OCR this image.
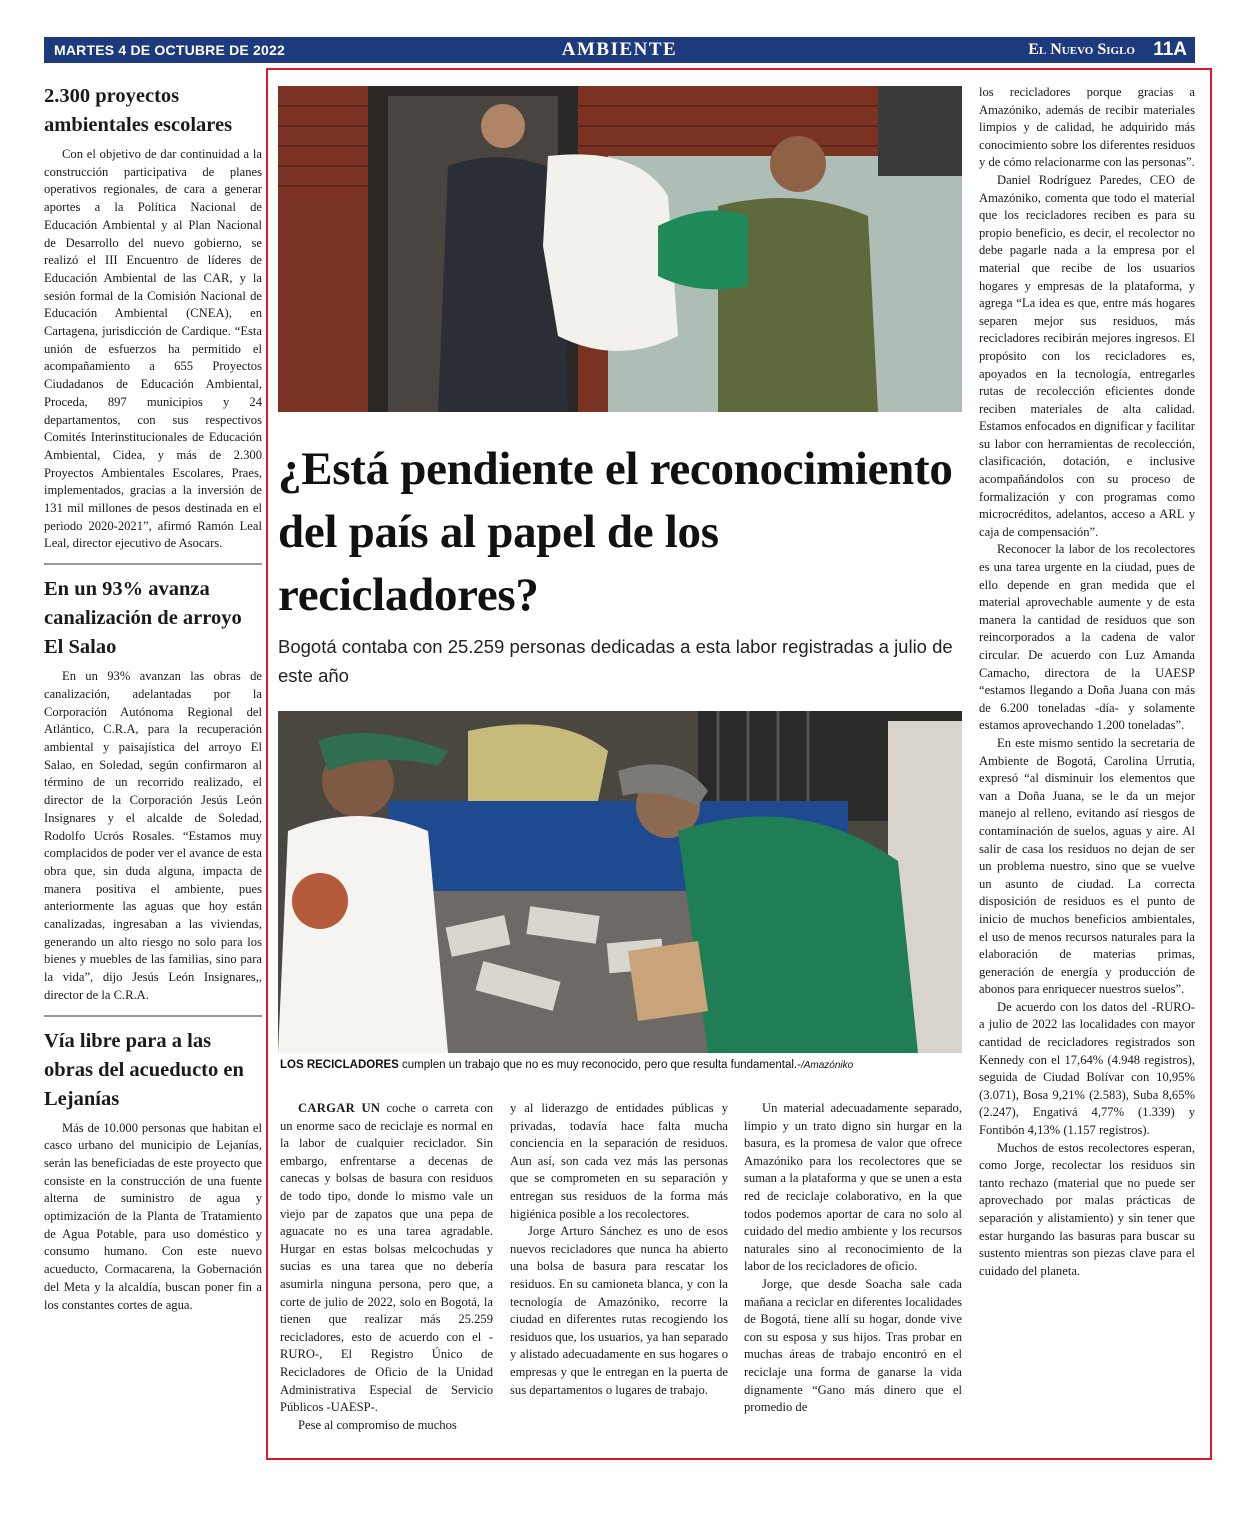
MARTES 4 DE OCTUBRE DE 2022	AMBIENTE	El Nuevo Siglo 11A
2.300 proyectos ambientales escolares

Con el objetivo de dar continuidad a la construcción participativa de planes operativos regionales, de cara a generar aportes a la Política Nacional de Educación Ambiental y al Plan Nacional de Desarrollo del nuevo gobierno, se realizó el III Encuentro de líderes de Educación Ambiental de las CAR, y la sesión formal de la Comisión Nacional de Educación Ambiental (CNEA), en Cartagena, jurisdicción de Cardique. “Esta unión de esfuerzos ha permitido el acompañamiento a 655 Proyectos Ciudadanos de Educación Ambiental, Proceda, 897 municipios y 24 departamentos, con sus respectivos Comités Interinstitucionales de Educación Ambiental, Cidea, y más de 2.300 Proyectos Ambientales Escolares, Praes, implementados, gracias a la inversión de 131 mil millones de pesos destinada en el periodo 2020-2021”, afirmó Ramón Leal Leal, director ejecutivo de Asocars.

En un 93% avanza canalización de arroyo El Salao

En un 93% avanzan las obras de canalización, adelantadas por la Corporación Autónoma Regional del Atlántico, C.R.A, para la recuperación ambiental y paisajística del arroyo El Salao, en Soledad, según confirmaron al término de un recorrido realizado, el director de la Corporación Jesús León Insignares y el alcalde de Soledad, Rodolfo Ucrós Rosales. “Estamos muy complacidos de poder ver el avance de esta obra que, sin duda alguna, impacta de manera positiva el ambiente, pues anteriormente las aguas que hoy están canalizadas, ingresaban a las viviendas, generando un alto riesgo no solo para los bienes y muebles de las familias, sino para la vida”, dijo Jesús León Insignares,, director de la C.R.A.

Vía libre para a las obras del acueducto en Lejanías

Más de 10.000 personas que habitan el casco urbano del municipio de Lejanías, serán las beneficiadas de este proyecto que consiste en la construcción de una fuente alterna de suministro de agua y optimización de la Planta de Tratamiento de Agua Potable, para uso doméstico y consumo humano. Con este nuevo acueducto, Cormacarena, la Gobernación del Meta y la alcaldía, buscan poner fin a los constantes cortes de agua.

¿Está pendiente el reconocimiento del país al papel de los recicladores?

Bogotá contaba con 25.259 personas dedicadas a esta labor registradas a julio de este año

LOS RECICLADORES cumplen un trabajo que no es muy reconocido, pero que resulta fundamental.-/Amazóniko

CARGAR UN coche o carreta con un enorme saco de reciclaje es normal en la labor de cualquier reciclador. Sin embargo, enfrentarse a decenas de canecas y bolsas de basura con residuos de todo tipo, donde lo mismo vale un viejo par de zapatos que una pepa de aguacate no es una tarea agradable. Hurgar en estas bolsas melcochudas y sucias es una tarea que no debería asumirla ninguna persona, pero que, a corte de julio de 2022, solo en Bogotá, la tienen que realizar más 25.259 recicladores, esto de acuerdo con el -RURO-, El Registro Único de Recicladores de Oficio de la Unidad Administrativa Especial de Servicio Públicos -UAESP-.

Pese al compromiso de muchos

y al liderazgo de entidades públicas y privadas, todavía hace falta mucha conciencia en la separación de residuos. Aun así, son cada vez más las personas que se comprometen en su separación y entregan sus residuos de la forma más higiénica posible a los recolectores.

Jorge Arturo Sánchez es uno de esos nuevos recicladores que nunca ha abierto una bolsa de basura para rescatar los residuos. En su camioneta blanca, y con la tecnología de Amazóniko, recorre la ciudad en diferentes rutas recogiendo los residuos que, los usuarios, ya han separado y alistado adecuadamente en sus hogares o empresas y que le entregan en la puerta de sus departamentos o lugares de trabajo.

Un material adecuadamente separado, limpio y un trato digno sin hurgar en la basura, es la promesa de valor que ofrece Amazóniko para los recolectores que se suman a la plataforma y que se unen a esta red de reciclaje colaborativo, en la que todos podemos aportar de cara no solo al cuidado del medio ambiente y los recursos naturales sino al reconocimiento de la labor de los recicladores de oficio.

Jorge, que desde Soacha sale cada mañana a reciclar en diferentes localidades de Bogotá, tiene allí su hogar, donde vive con su esposa y sus hijos. Tras probar en muchas áreas de trabajo encontró en el reciclaje una forma de ganarse la vida dignamente “Gano más dinero que el promedio de

los recicladores porque gracias a Amazóniko, además de recibir materiales limpios y de calidad, he adquirido más conocimiento sobre los diferentes residuos y de cómo relacionarme con las personas”.

Daniel Rodríguez Paredes, CEO de Amazóniko, comenta que todo el material que los recicladores reciben es para su propio beneficio, es decir, el recolector no debe pagarle nada a la empresa por el material que recibe de los usuarios hogares y empresas de la plataforma, y agrega “La idea es que, entre más hogares separen mejor sus residuos, más recicladores recibirán mejores ingresos. El propósito con los recicladores es, apoyados en la tecnología, entregarles rutas de recolección eficientes donde reciben materiales de alta calidad. Estamos enfocados en dignificar y facilitar su labor con herramientas de recolección, clasificación, dotación, e inclusive acompañándolos con su proceso de formalización y con programas como microcréditos, adelantos, acceso a ARL y caja de compensación”.

Reconocer la labor de los recolectores es una tarea urgente en la ciudad, pues de ello depende en gran medida que el material aprovechable aumente y de esta manera la cantidad de residuos que son reincorporados a la cadena de valor circular. De acuerdo con Luz Amanda Camacho, directora de la UAESP “estamos llegando a Doña Juana con más de 6.200 toneladas -día- y solamente estamos aprovechando 1.200 toneladas”.

En este mismo sentido la secretaria de Ambiente de Bogotá, Carolina Urrutia, expresó “al disminuir los elementos que van a Doña Juana, se le da un mejor manejo al relleno, evitando así riesgos de contaminación de suelos, aguas y aire. Al salir de casa los residuos no dejan de ser un problema nuestro, sino que se vuelve un asunto de ciudad. La correcta disposición de residuos es el punto de inicio de muchos beneficios ambientales, el uso de menos recursos naturales para la elaboración de materias primas, generación de energía y producción de abonos para enriquecer nuestros suelos”.

De acuerdo con los datos del -RURO- a julio de 2022 las localidades con mayor cantidad de recicladores registrados son Kennedy con el 17,64% (4.948 registros), seguida de Ciudad Bolívar con 10,95% (3.071), Bosa 9,21% (2.583), Suba 8,65% (2.247), Engativá 4,77% (1.339) y Fontibón 4,13% (1.157 registros).

Muchos de estos recolectores esperan, como Jorge, recolectar los residuos sin tanto rechazo (material que no puede ser aprovechado por malas prácticas de separación y alistamiento) y sin tener que estar hurgando las basuras para buscar su sustento mientras son piezas clave para el cuidado del planeta.
